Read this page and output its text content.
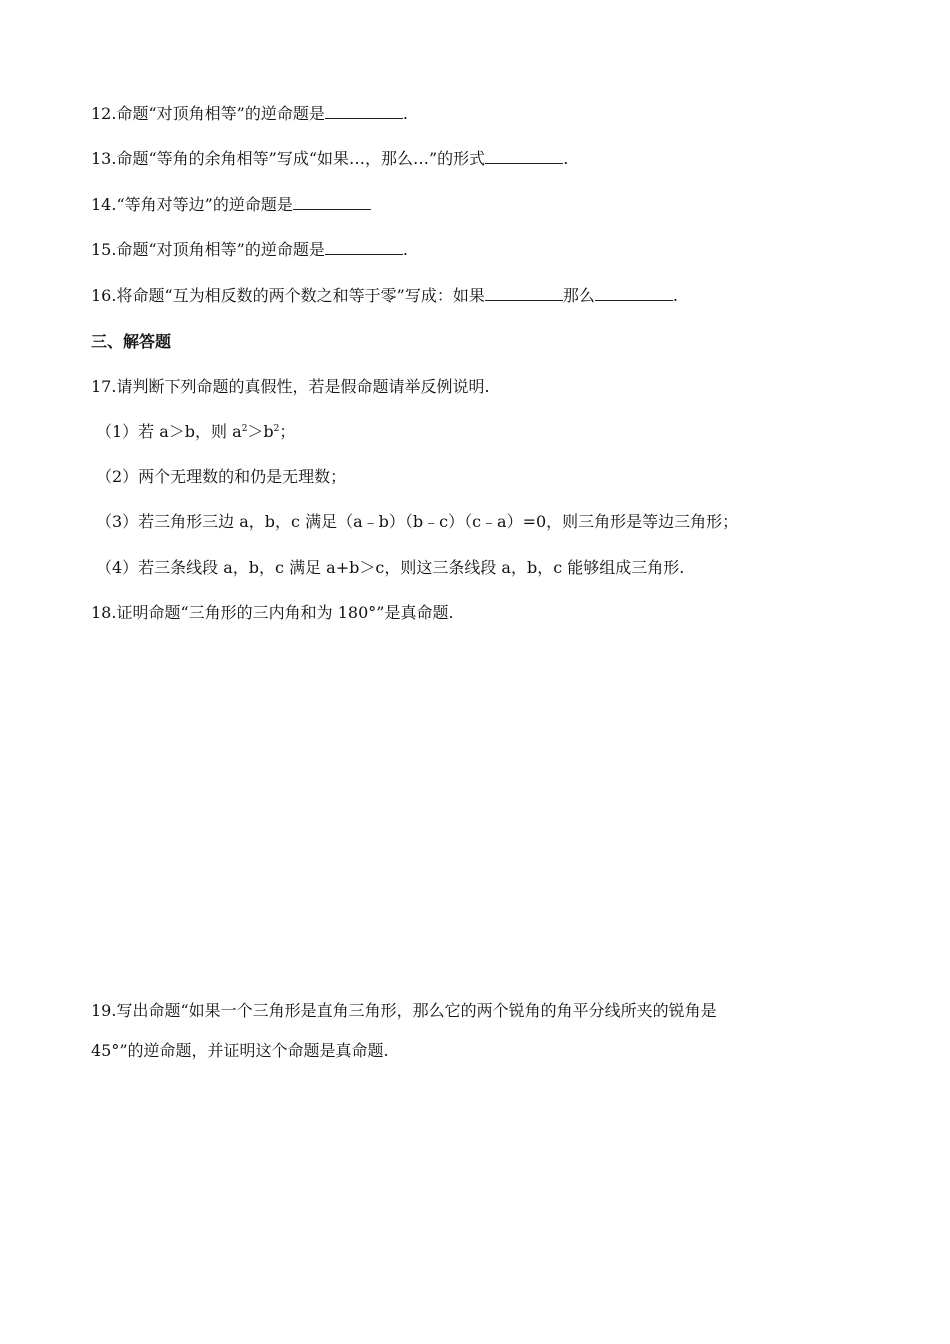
12.命题“对顶角相等”的逆命题是	.
13.命题“等角的余角相等”写成“如果…，那么…”的形式	.
14.“等角对等边”的逆命题是
15.命题“对顶角相等”的逆命题是	.
16.将命题“互为相反数的两个数之和等于零”写成：如果	那么	.
三、解答题
17.请判断下列命题的真假性，若是假命题请举反例说明.
（1）若 a＞b，则 $a^2>b^2$；
（2）两个无理数的和仍是无理数；
（3）若三角形三边 a，b，c 满足（a﹣b）（b﹣c）（c﹣a）=0，则三角形是等边三角形；
（4）若三条线段 a，b，c 满足 a+b＞c，则这三条线段 a，b，c 能够组成三角形.
18.证明命题“三角形的三内角和为 180°”是真命题.
19.写出命题“如果一个三角形是直角三角形，那么它的两个锐角的角平分线所夹的锐角是
45°”的逆命题，并证明这个命题是真命题.
